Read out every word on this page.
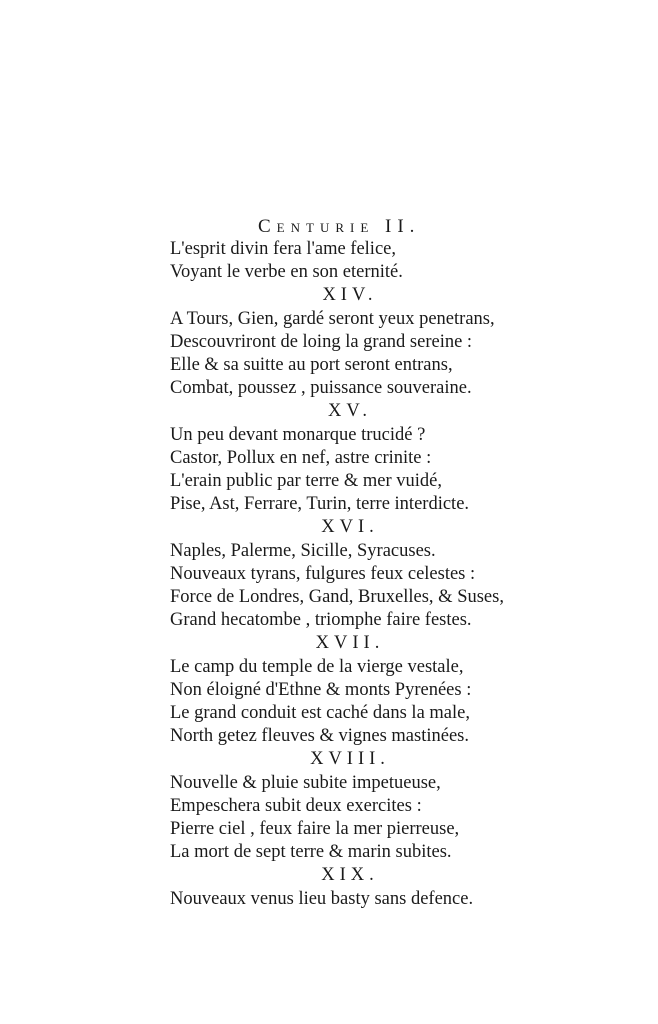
Centurie II.
L'esprit divin fera l'ame felice,
Voyant le verbe en son eternité.
XIV.
A Tours, Gien, gardé seront yeux penetrans,
Descouvriront de loing la grand sereine :
Elle & sa suitte au port seront entrans,
Combat, poussez , puissance souveraine.
XV.
Un peu devant monarque trucidé ?
Castor, Pollux en nef, astre crinite :
L'erain public par terre & mer vuidé,
Pise, Ast, Ferrare, Turin, terre interdicte.
XVI.
Naples, Palerme, Sicille, Syracuses.
Nouveaux tyrans, fulgures feux celestes :
Force de Londres, Gand, Bruxelles, & Suses,
Grand hecatombe , triomphe faire festes.
XVII.
Le camp du temple de la vierge vestale,
Non éloigné d'Ethne & monts Pyrenées :
Le grand conduit est caché dans la male,
North getez fleuves & vignes mastinées.
XVIII.
Nouvelle & pluie subite impetueuse,
Empeschera subit deux exercites :
Pierre ciel , feux faire la mer pierreuse,
La mort de sept terre & marin subites.
XIX.
Nouveaux venus lieu basty sans defence.
